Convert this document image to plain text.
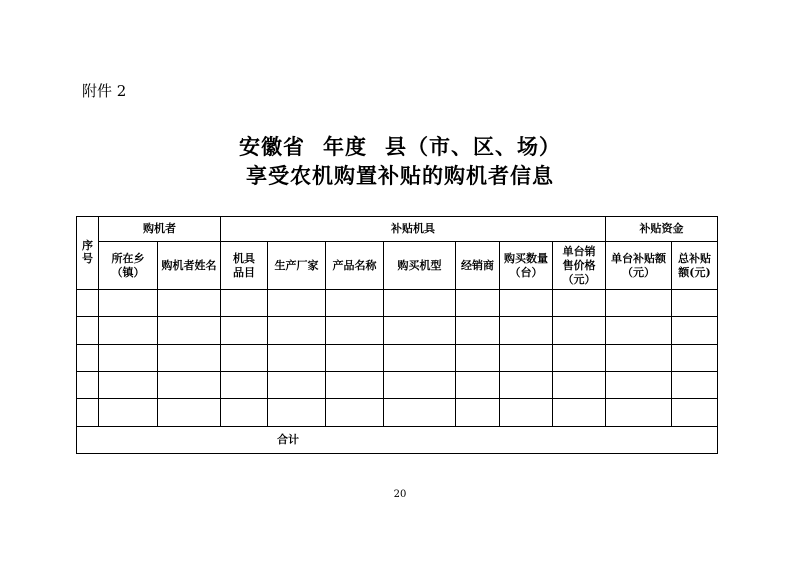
附件 2
安徽省 年度 县（市、区、场）
享受农机购置补贴的购机者信息
序号	购机者		补贴机具							补贴资金	
	所在乡（镇）	购机者姓名	机具品目	生产厂家	产品名称	购买机型	经销商	购买数量（台）	单台销售价格（元）	单台补贴额（元）	总补贴额(元)

合计											
20
